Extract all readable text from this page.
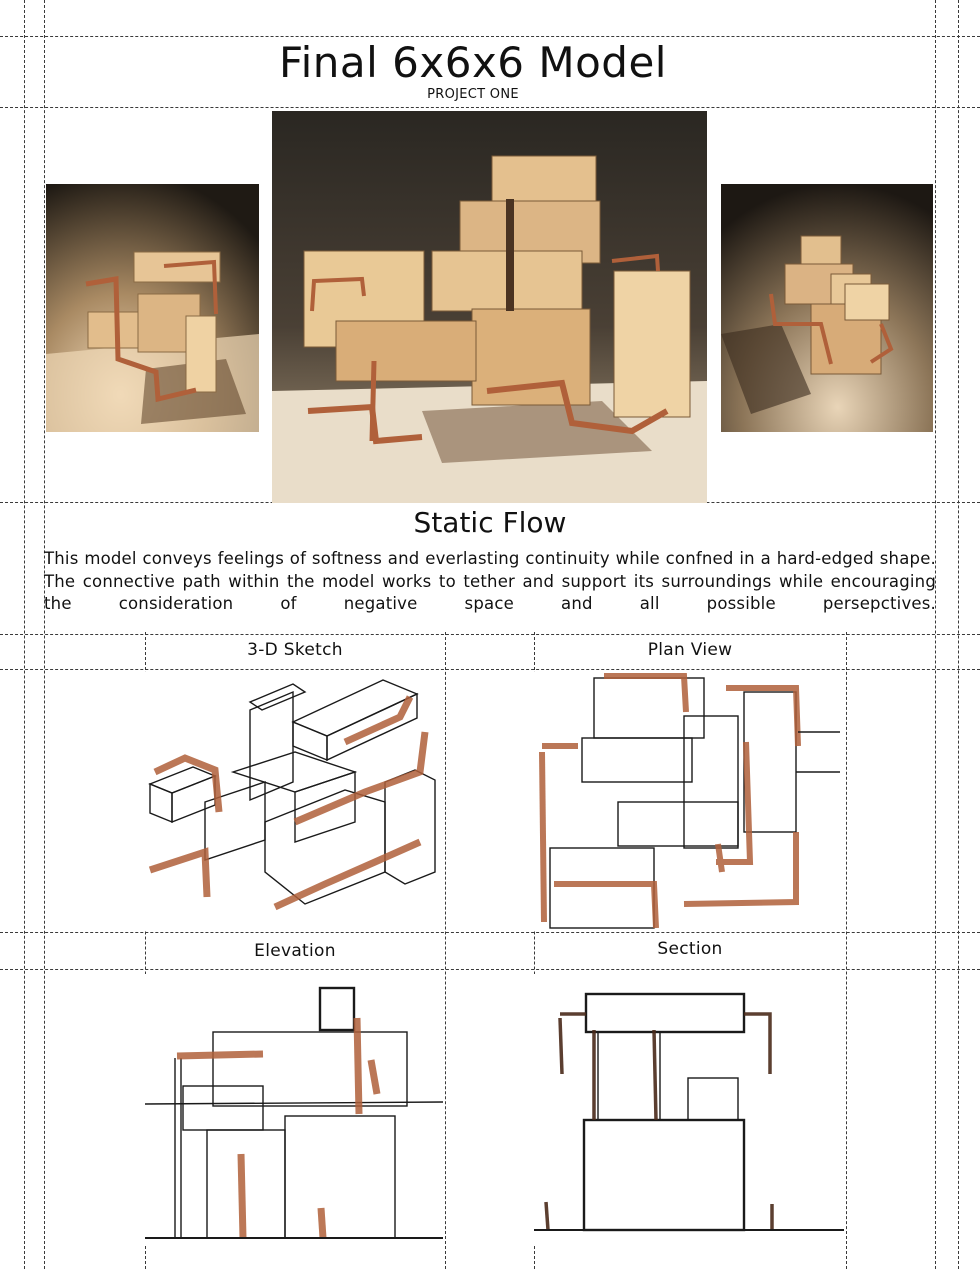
Final 6x6x6 Model
PROJECT ONE
Static Flow

This model conveys feelings of softness and everlasting continuity while confned in a hard-edged shape. The connective path within the model works to tether and support its surroundings while encouraging the consideration of negative space and all possible persepctives.

3-D Sketch	Plan View
Elevation	Section
